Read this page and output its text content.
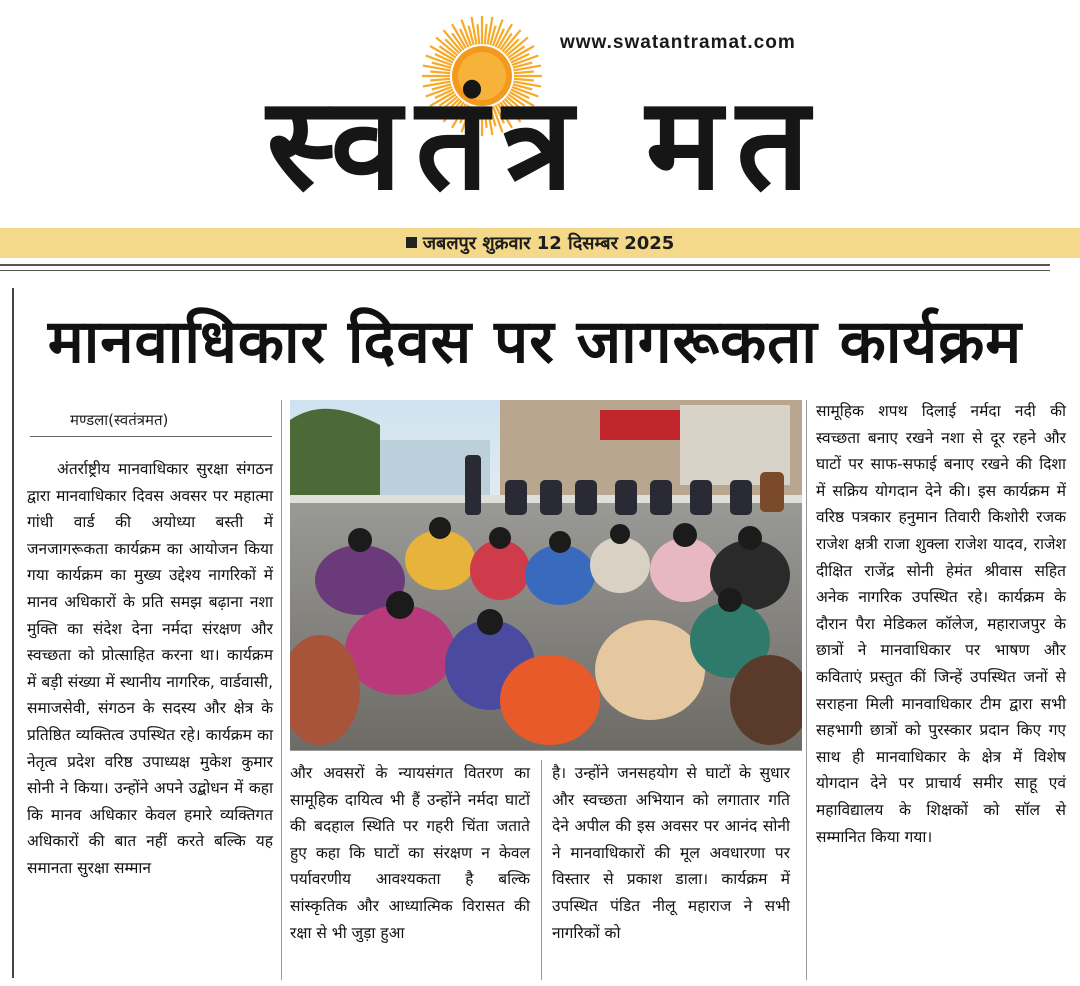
www.swatantramat.com
स्वतंत्र मत
जबलपुर शुक्रवार 12 दिसम्बर 2025
मानवाधिकार दिवस पर जागरूकता कार्यक्रम
मण्डला(स्वतंत्रमत)
अंतर्राष्ट्रीय मानवाधिकार सुरक्षा संगठन द्वारा मानवाधिकार दिवस अवसर पर महात्मा गांधी वार्ड की अयोध्या बस्ती में जनजागरूकता कार्यक्रम का आयोजन किया गया कार्यक्रम का मुख्य उद्देश्य नागरिकों में मानव अधिकारों के प्रति समझ बढ़ाना नशा मुक्ति का संदेश देना नर्मदा संरक्षण और स्वच्छता को प्रोत्साहित करना था। कार्यक्रम में बड़ी संख्या में स्थानीय नागरिक, वार्डवासी, समाजसेवी, संगठन के सदस्य और क्षेत्र के प्रतिष्ठित व्यक्तित्व उपस्थित रहे। कार्यक्रम का नेतृत्व प्रदेश वरिष्ठ उपाध्यक्ष मुकेश कुमार सोनी ने किया। उन्होंने अपने उद्बोधन में कहा कि मानव अधिकार केवल हमारे व्यक्तिगत अधिकारों की बात नहीं करते बल्कि यह समानता सुरक्षा सम्मान
और अवसरों के न्यायसंगत वितरण का सामूहिक दायित्व भी हैं उन्होंने नर्मदा घाटों की बदहाल स्थिति पर गहरी चिंता जताते हुए कहा कि घाटों का संरक्षण न केवल पर्यावरणीय आवश्यकता है बल्कि सांस्कृतिक और आध्यात्मिक विरासत की रक्षा से भी जुड़ा हुआ
है। उन्होंने जनसहयोग से घाटों के सुधार और स्वच्छता अभियान को लगातार गति देने अपील की इस अवसर पर आनंद सोनी ने मानवाधिकारों की मूल अवधारणा पर विस्तार से प्रकाश डाला। कार्यक्रम में उपस्थित पंडित नीलू महाराज ने सभी नागरिकों को
सामूहिक शपथ दिलाई नर्मदा नदी की स्वच्छता बनाए रखने नशा से दूर रहने और घाटों पर साफ-सफाई बनाए रखने की दिशा में सक्रिय योगदान देने की। इस कार्यक्रम में वरिष्ठ पत्रकार हनुमान तिवारी किशोरी रजक राजेश क्षत्री राजा शुक्ला राजेश यादव, राजेश दीक्षित राजेंद्र सोनी हेमंत श्रीवास सहित अनेक नागरिक उपस्थित रहे। कार्यक्रम के दौरान पैरा मेडिकल कॉलेज, महाराजपुर के छात्रों ने मानवाधिकार पर भाषण और कविताएं प्रस्तुत कीं जिन्हें उपस्थित जनों से सराहना मिली मानवाधिकार टीम द्वारा सभी सहभागी छात्रों को पुरस्कार प्रदान किए गए साथ ही मानवाधिकार के क्षेत्र में विशेष योगदान देने पर प्राचार्य समीर साहू एवं महाविद्यालय के शिक्षकों को सॉल से सम्मानित किया गया।
